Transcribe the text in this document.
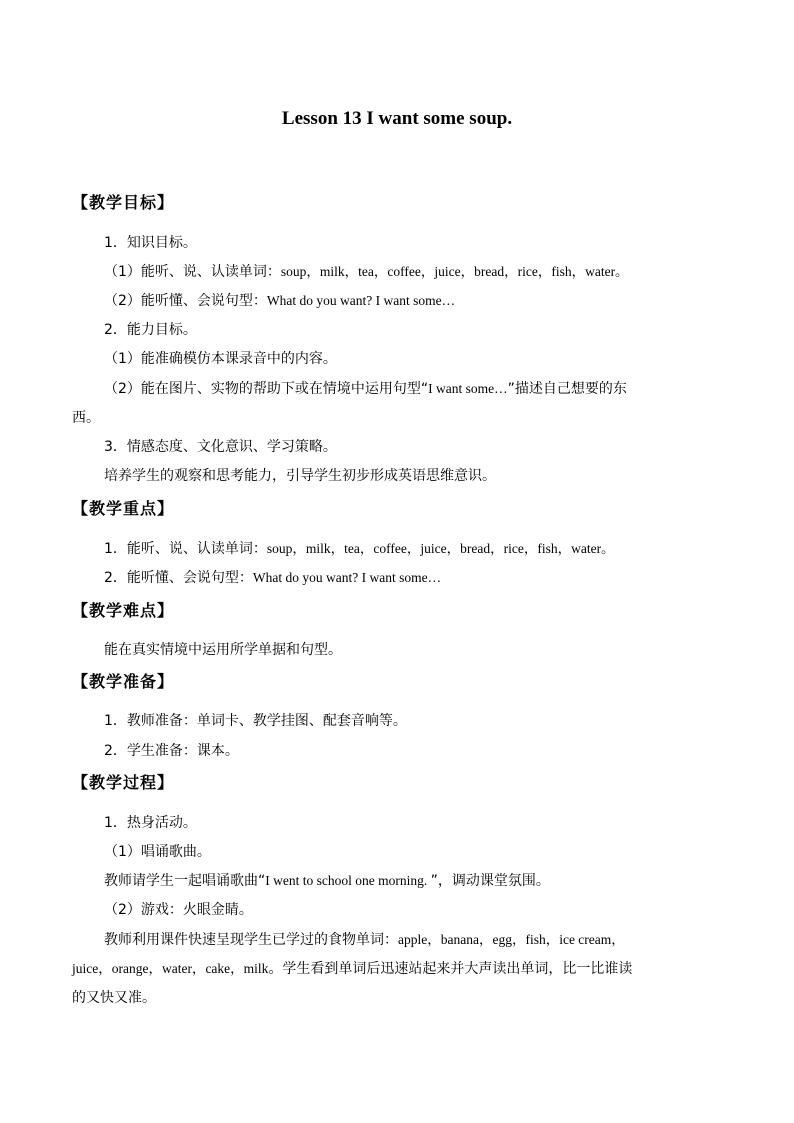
Lesson 13 I want some soup.
【教学目标】
1．知识目标。
（1）能听、说、认读单词：soup，milk，tea，coffee，juice，bread，rice，fish，water。
（2）能听懂、会说句型：What do you want? I want some…
2．能力目标。
（1）能准确模仿本课录音中的内容。
（2）能在图片、实物的帮助下或在情境中运用句型“I want some…”描述自己想要的东
西。
3．情感态度、文化意识、学习策略。
培养学生的观察和思考能力，引导学生初步形成英语思维意识。
【教学重点】
1．能听、说、认读单词：soup，milk，tea，coffee，juice，bread，rice，fish，water。
2．能听懂、会说句型：What do you want? I want some…
【教学难点】
能在真实情境中运用所学单据和句型。
【教学准备】
1．教师准备：单词卡、教学挂图、配套音响等。
2．学生准备：课本。
【教学过程】
1．热身活动。
（1）唱诵歌曲。
教师请学生一起唱诵歌曲“I went to school one morning. ”，调动课堂氛围。
（2）游戏：火眼金睛。
教师利用课件快速呈现学生已学过的食物单词：apple，banana，egg，fish，ice cream，
juice，orange，water，cake，milk。学生看到单词后迅速站起来并大声读出单词，比一比谁读
的又快又准。
